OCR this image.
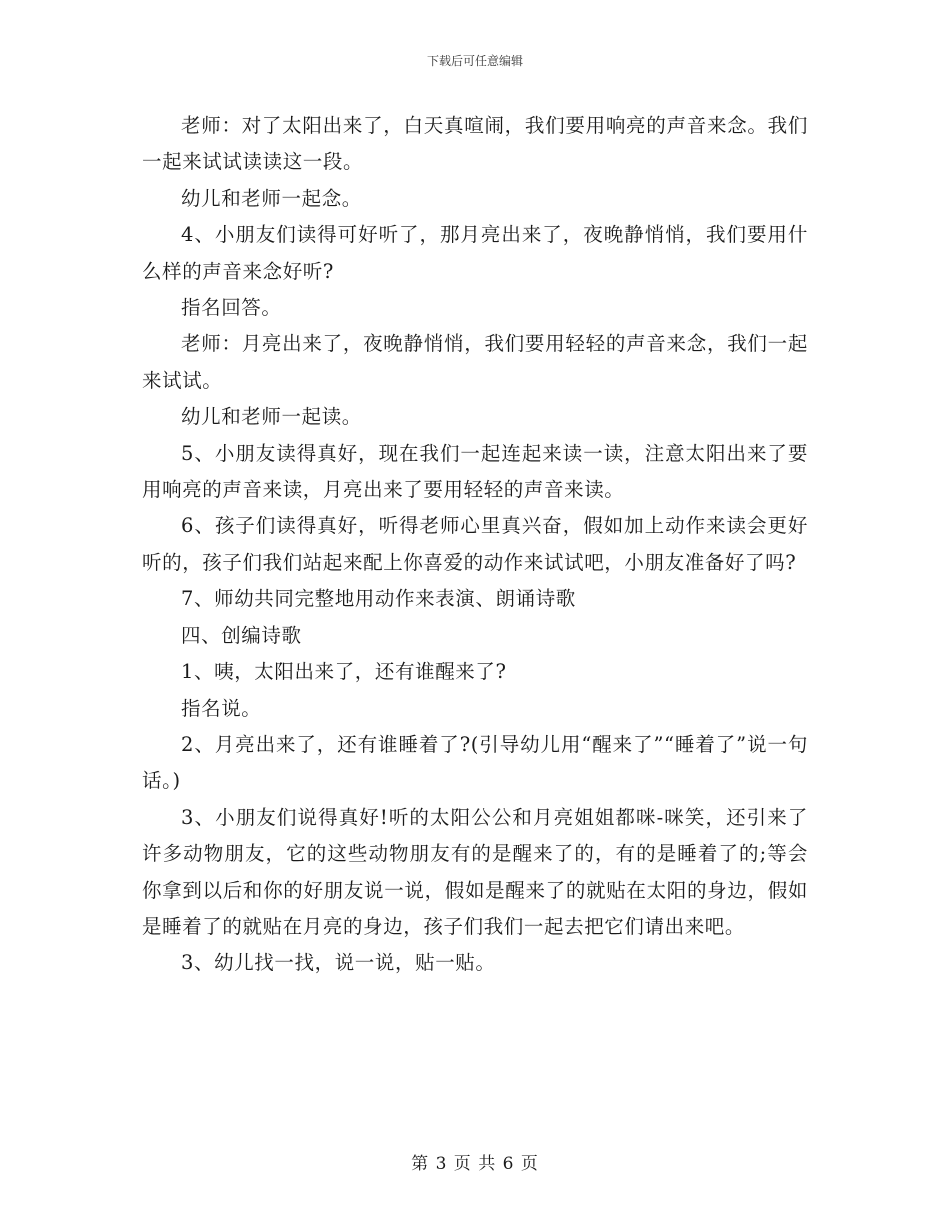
下载后可任意编辑

老师：对了太阳出来了，白天真喧闹，我们要用响亮的声音来念。我们一起来试试读读这一段。

幼儿和老师一起念。

4、小朋友们读得可好听了，那月亮出来了，夜晚静悄悄，我们要用什么样的声音来念好听?

指名回答。

老师：月亮出来了，夜晚静悄悄，我们要用轻轻的声音来念，我们一起来试试。

幼儿和老师一起读。

5、小朋友读得真好，现在我们一起连起来读一读，注意太阳出来了要用响亮的声音来读，月亮出来了要用轻轻的声音来读。

6、孩子们读得真好，听得老师心里真兴奋，假如加上动作来读会更好听的，孩子们我们站起来配上你喜爱的动作来试试吧，小朋友准备好了吗?

7、师幼共同完整地用动作来表演、朗诵诗歌

四、创编诗歌

1、咦，太阳出来了，还有谁醒来了?

指名说。

2、月亮出来了，还有谁睡着了?(引导幼儿用“醒来了”“睡着了”说一句话。)

3、小朋友们说得真好!听的太阳公公和月亮姐姐都咪-咪笑，还引来了许多动物朋友，它的这些动物朋友有的是醒来了的，有的是睡着了的;等会你拿到以后和你的好朋友说一说，假如是醒来了的就贴在太阳的身边，假如是睡着了的就贴在月亮的身边，孩子们我们一起去把它们请出来吧。

3、幼儿找一找，说一说，贴一贴。

第 3 页 共 6 页
